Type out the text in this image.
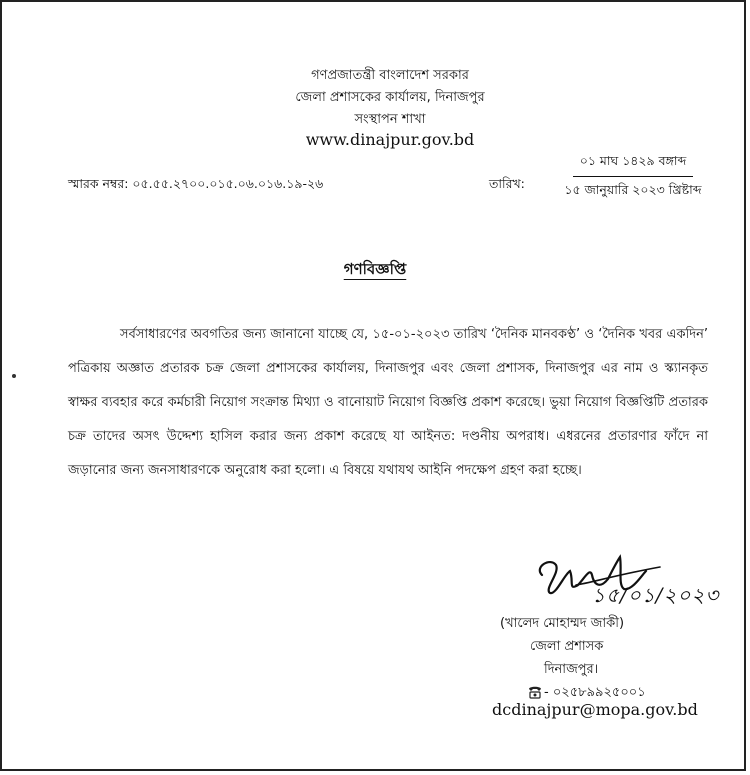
গণপ্রজাতন্ত্রী বাংলাদেশ সরকার
জেলা প্রশাসকের কার্যালয়, দিনাজপুর
সংস্থাপন শাখা
www.dinajpur.gov.bd
স্মারক নম্বর: ০৫.৫৫.২৭০০.০১৫.০৬.০১৬.১৯-২৬	তারিখ:
০১ মাঘ ১৪২৯ বঙ্গাব্দ
১৫ জানুয়ারি ২০২৩ খ্রিষ্টাব্দ
গণবিজ্ঞপ্তি

সর্বসাধারণের অবগতির জন্য জানানো যাচ্ছে যে, ১৫-০১-২০২৩ তারিখ ‘দৈনিক মানবকণ্ঠ’ ও ‘দৈনিক খবর একদিন’ পত্রিকায় অজ্ঞাত প্রতারক চক্র জেলা প্রশাসকের কার্যালয়, দিনাজপুর এবং জেলা প্রশাসক, দিনাজপুর এর নাম ও স্ক্যানকৃত স্বাক্ষর ব্যবহার করে কর্মচারী নিয়োগ সংক্রান্ত মিথ্যা ও বানোয়াট নিয়োগ বিজ্ঞপ্তি প্রকাশ করেছে। ভুয়া নিয়োগ বিজ্ঞপ্তিটি প্রতারক চক্র তাদের অসৎ উদ্দেশ্য হাসিল করার জন্য প্রকাশ করেছে যা আইনত: দণ্ডনীয় অপরাধ। এধরনের প্রতারণার ফাঁদে না জড়ানোর জন্য জনসাধারণকে অনুরোধ করা হলো। এ বিষয়ে যথাযথ আইনি পদক্ষেপ গ্রহণ করা হচ্ছে।

১৫/০১/২০২৩
(খালেদ মোহাম্মদ জাকী)
জেলা প্রশাসক
দিনাজপুর।
- ০২৫৮৯৯২৫০০১
dcdinajpur@mopa.gov.bd
